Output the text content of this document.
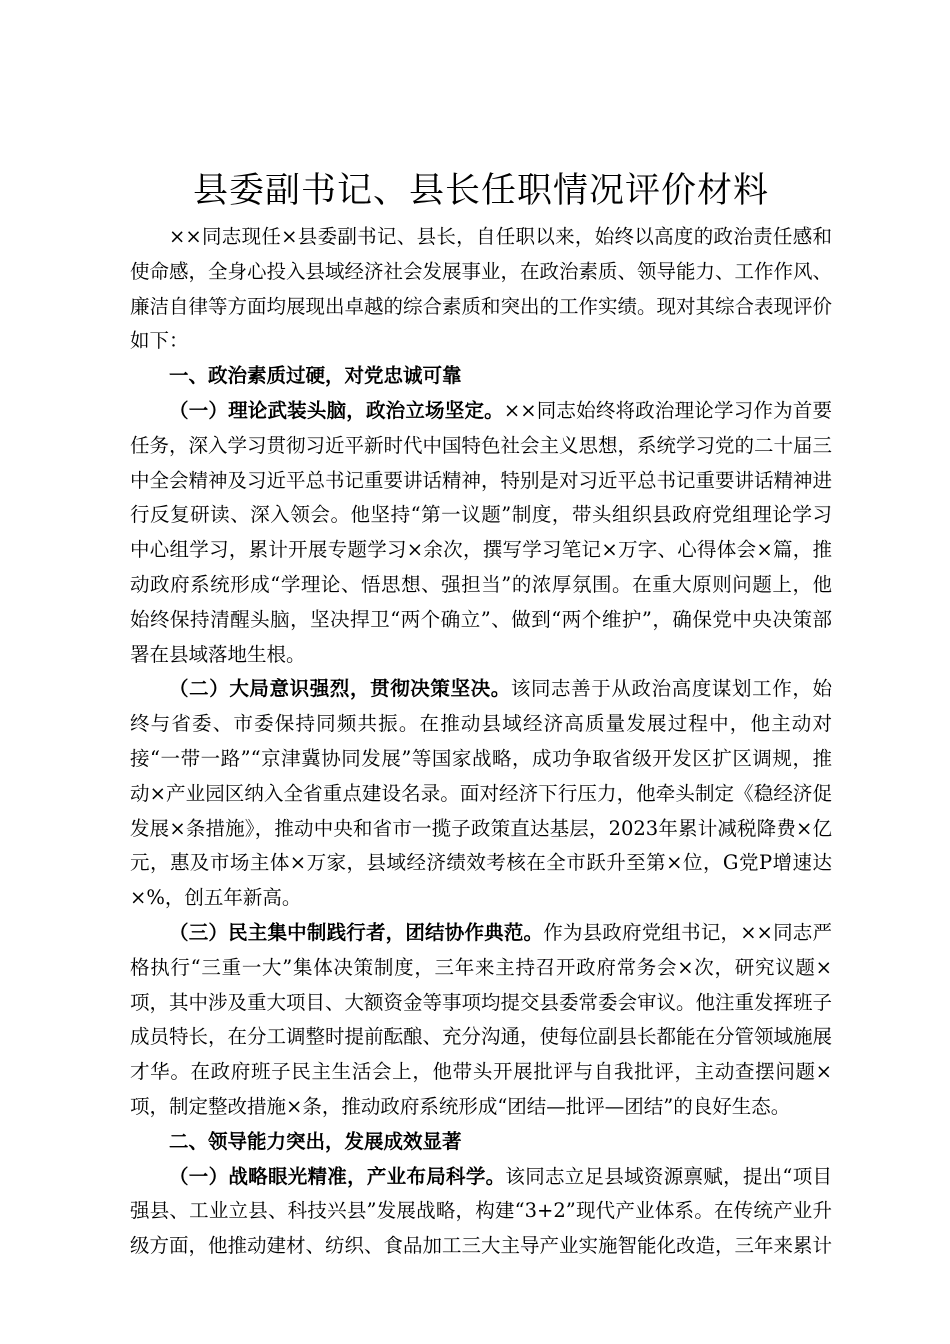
县委副书记、县长任职情况评价材料

××同志现任×县委副书记、县长，自任职以来，始终以高度的政治责任感和使命感，全身心投入县域经济社会发展事业，在政治素质、领导能力、工作作风、廉洁自律等方面均展现出卓越的综合素质和突出的工作实绩。现对其综合表现评价如下：

一、政治素质过硬，对党忠诚可靠

（一）理论武装头脑，政治立场坚定。××同志始终将政治理论学习作为首要任务，深入学习贯彻习近平新时代中国特色社会主义思想，系统学习党的二十届三中全会精神及习近平总书记重要讲话精神，特别是对习近平总书记重要讲话精神进行反复研读、深入领会。他坚持“第一议题”制度，带头组织县政府党组理论学习中心组学习，累计开展专题学习×余次，撰写学习笔记×万字、心得体会×篇，推动政府系统形成“学理论、悟思想、强担当”的浓厚氛围。在重大原则问题上，他始终保持清醒头脑，坚决捍卫“两个确立”、做到“两个维护”，确保党中央决策部署在县域落地生根。

（二）大局意识强烈，贯彻决策坚决。该同志善于从政治高度谋划工作，始终与省委、市委保持同频共振。在推动县域经济高质量发展过程中，他主动对接“一带一路”“京津冀协同发展”等国家战略，成功争取省级开发区扩区调规，推动×产业园区纳入全省重点建设名录。面对经济下行压力，他牵头制定《稳经济促发展×条措施》，推动中央和省市一揽子政策直达基层，2023年累计减税降费×亿元，惠及市场主体×万家，县域经济绩效考核在全市跃升至第×位，G党P增速达×%，创五年新高。

（三）民主集中制践行者，团结协作典范。作为县政府党组书记，××同志严格执行“三重一大”集体决策制度，三年来主持召开政府常务会×次，研究议题×项，其中涉及重大项目、大额资金等事项均提交县委常委会审议。他注重发挥班子成员特长，在分工调整时提前酝酿、充分沟通，使每位副县长都能在分管领域施展才华。在政府班子民主生活会上，他带头开展批评与自我批评，主动查摆问题×项，制定整改措施×条，推动政府系统形成“团结—批评—团结”的良好生态。

二、领导能力突出，发展成效显著

（一）战略眼光精准，产业布局科学。该同志立足县域资源禀赋，提出“项目强县、工业立县、科技兴县”发展战略，构建“3+2”现代产业体系。在传统产业升级方面，他推动建材、纺织、食品加工三大主导产业实施智能化改造，三年来累计
